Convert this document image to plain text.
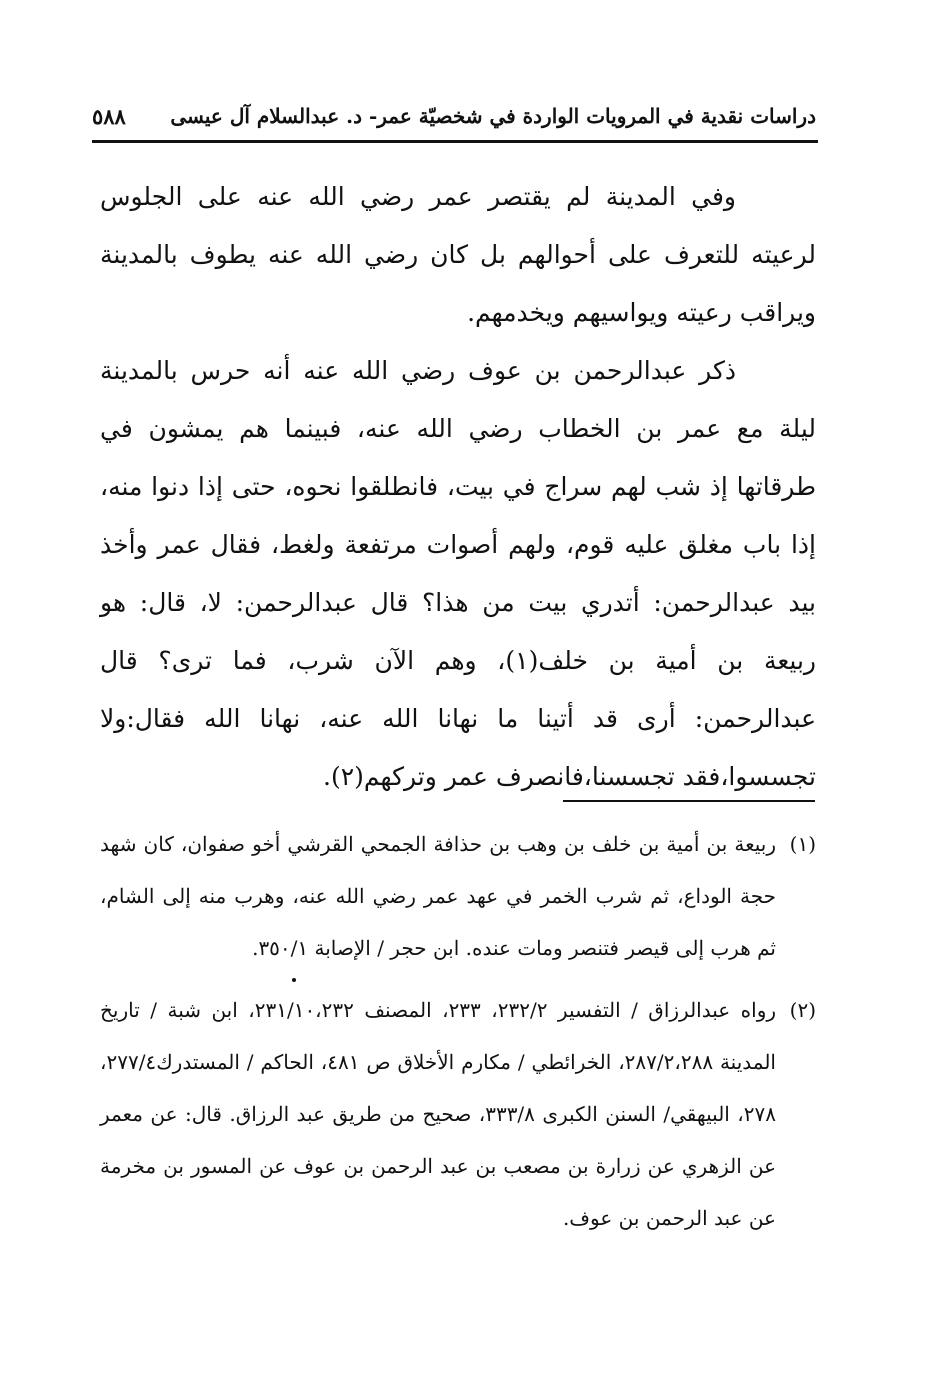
دراسات نقدية في المرويات الواردة في شخصيّة عمر- د. عبدالسلام آل عيسى
٥٨٨

وفي المدينة لم يقتصر عمر رضي الله عنه على الجلوس لرعيته للتعرف على أحوالهم بل كان رضي الله عنه يطوف بالمدينة ويراقب رعيته ويواسيهم ويخدمهم.

ذكر عبدالرحمن بن عوف رضي الله عنه أنه حرس بالمدينة ليلة مع عمر بن الخطاب رضي الله عنه، فبينما هم يمشون في طرقاتها إذ شب لهم سراج في بيت، فانطلقوا نحوه، حتى إذا دنوا منه، إذا باب مغلق عليه قوم، ولهم أصوات مرتفعة ولغط، فقال عمر وأخذ بيد عبدالرحمن: أتدري بيت من هذا؟ قال عبدالرحمن: لا، قال: هو ربيعة بن أمية بن خلف(١)، وهم الآن شرب، فما ترى؟ قال عبدالرحمن: أرى قد أتينا ما نهانا الله عنه، نهانا الله فقال:ولا تجسسوا،فقد تجسسنا،فانصرف عمر وتركهم(٢).

(١)
ربيعة بن أمية بن خلف بن وهب بن حذافة الجمحي القرشي أخو صفوان، كان شهد حجة الوداع، ثم شرب الخمر في عهد عمر رضي الله عنه، وهرب منه إلى الشام، ثم هرب إلى قيصر فتنصر ومات عنده. ابن حجر / الإصابة ٣٥٠/١.
(٢)
رواه عبدالرزاق / التفسير ٢٣٢/٢، ٢٣٣، المصنف ٢٣١/١٠،٢٣٢، ابن شبة / تاريخ المدينة ٢٨٧/٢،٢٨٨، الخرائطي / مكارم الأخلاق ص ٤٨١، الحاكم / المستدرك٢٧٧/٤، ٢٧٨، البيهقي/ السنن الكبرى ٣٣٣/٨، صحيح من طريق عبد الرزاق. قال: عن معمر عن الزهري عن زرارة بن مصعب بن عبد الرحمن بن عوف عن المسور بن مخرمة عن عبد الرحمن بن عوف.
